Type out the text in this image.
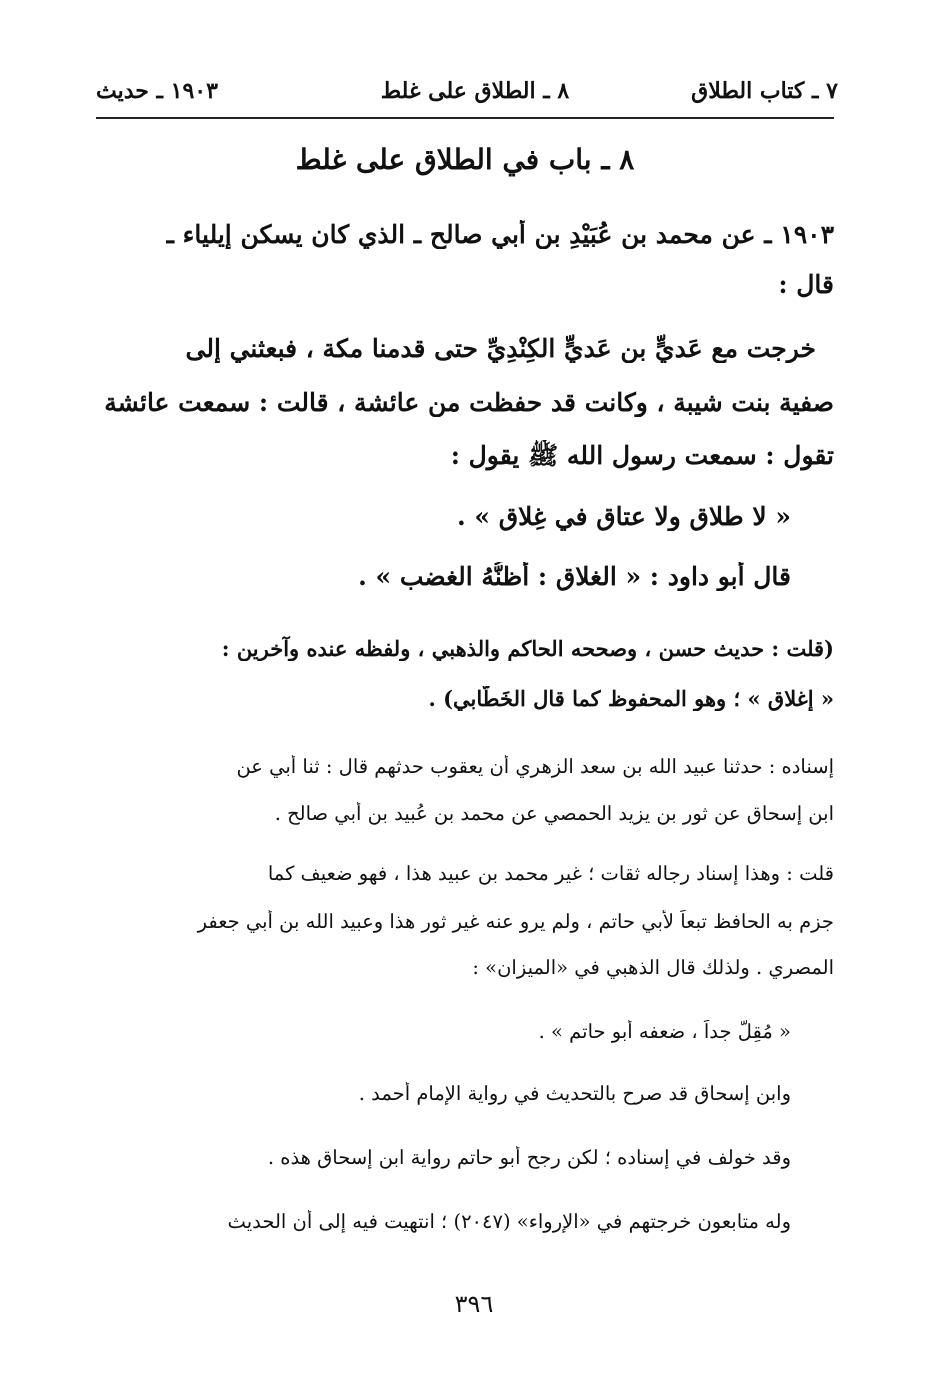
٧ ـ كتاب الطلاق
٨ ـ الطلاق على غلط
١٩٠٣ ـ حديث
٨ ـ باب في الطلاق على غلط
١٩٠٣ ـ عن محمد بن عُبَيْدِ بن أبي صالح ـ الذي كان يسكن إيلياء ـ
قال :
خرجت مع عَديٍّ بن عَديٍّ الكِنْدِيِّ حتى قدمنا مكة ، فبعثني إلى
صفية بنت شيبة ، وكانت قد حفظت من عائشة ، قالت : سمعت عائشة
تقول : سمعت رسول الله ﷺ يقول :
« لا طلاق ولا عتاق في غِلاق » .
قال أبو داود : « الغلاق : أظنُّهُ الغضب » .
(قلت : حديث حسن ، وصححه الحاكم والذهبي ، ولفظه عنده وآخرين :
« إغلاق » ؛ وهو المحفوظ كما قال الخَطَّابي) .
إسناده : حدثنا عبيد الله بن سعد الزهري أن يعقوب حدثهم قال : ثنا أبي عن
ابن إسحاق عن ثور بن يزيد الحمصي عن محمد بن عُبيد بن أبي صالح .
قلت : وهذا إسناد رجاله ثقات ؛ غير محمد بن عبيد هذا ، فهو ضعيف كما
جزم به الحافظ تبعاً لأبي حاتم ، ولم يرو عنه غير ثور هذا وعبيد الله بن أبي جعفر
المصري . ولذلك قال الذهبي في «الميزان» :
« مُقِلٌّ جداً ، ضعفه أبو حاتم » .
وابن إسحاق قد صرح بالتحديث في رواية الإمام أحمد .
وقد خولف في إسناده ؛ لكن رجح أبو حاتم رواية ابن إسحاق هذه .
وله متابعون خرجتهم في «الإرواء» (٢٠٤٧) ؛ انتهيت فيه إلى أن الحديث
٣٩٦
